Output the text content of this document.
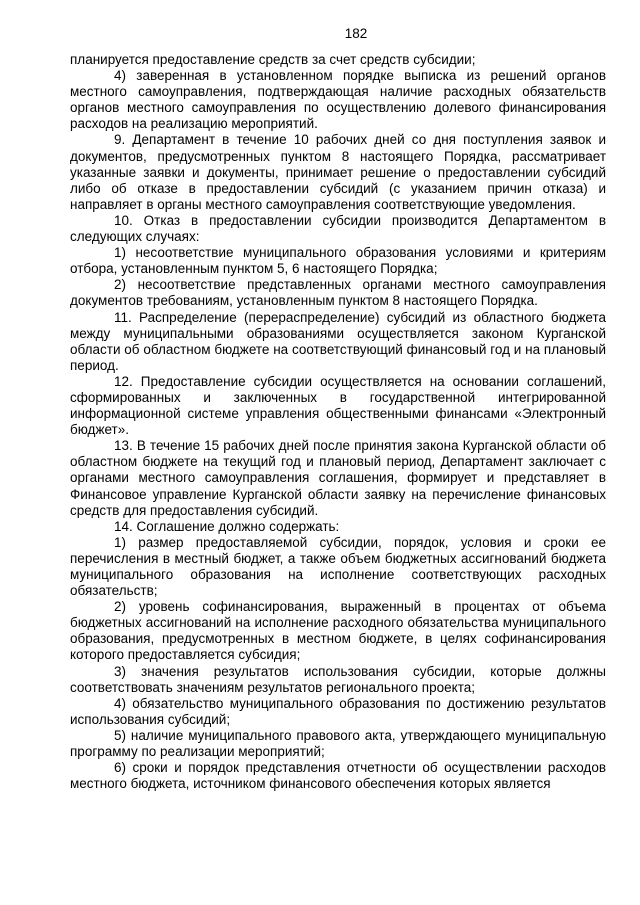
182

планируется предоставление средств за счет средств субсидии;

4) заверенная в установленном порядке выписка из решений органов местного самоуправления, подтверждающая наличие расходных обязательств органов местного самоуправления по осуществлению долевого финансирования расходов на реализацию мероприятий.

9. Департамент в течение 10 рабочих дней со дня поступления заявок и документов, предусмотренных пунктом 8 настоящего Порядка, рассматривает указанные заявки и документы, принимает решение о предоставлении субсидий либо об отказе в предоставлении субсидий (с указанием причин отказа) и направляет в органы местного самоуправления соответствующие уведомления.

10. Отказ в предоставлении субсидии производится Департаментом в следующих случаях:

1) несоответствие муниципального образования условиями и критериям отбора, установленным пунктом 5, 6 настоящего Порядка;

2) несоответствие представленных органами местного самоуправления документов требованиям, установленным пунктом 8 настоящего Порядка.

11. Распределение (перераспределение) субсидий из областного бюджета между муниципальными образованиями осуществляется законом Курганской области об областном бюджете на соответствующий финансовый год и на плановый период.

12. Предоставление субсидии осуществляется на основании соглашений, сформированных и заключенных в государственной интегрированной информационной системе управления общественными финансами «Электронный бюджет».

13. В течение 15 рабочих дней после принятия закона Курганской области об областном бюджете на текущий год и плановый период, Департамент заключает с органами местного самоуправления соглашения, формирует и представляет в Финансовое управление Курганской области заявку на перечисление финансовых средств для предоставления субсидий.

14. Соглашение должно содержать:

1) размер предоставляемой субсидии, порядок, условия и сроки ее перечисления в местный бюджет, а также объем бюджетных ассигнований бюджета муниципального образования на исполнение соответствующих расходных обязательств;

2) уровень софинансирования, выраженный в процентах от объема бюджетных ассигнований на исполнение расходного обязательства муниципального образования, предусмотренных в местном бюджете, в целях софинансирования которого предоставляется субсидия;

3) значения результатов использования субсидии, которые должны соответствовать значениям результатов регионального проекта;

4) обязательство муниципального образования по достижению результатов использования субсидий;

5) наличие муниципального правового акта, утверждающего муниципальную программу по реализации мероприятий;

6) сроки и порядок представления отчетности об осуществлении расходов местного бюджета, источником финансового обеспечения которых является
